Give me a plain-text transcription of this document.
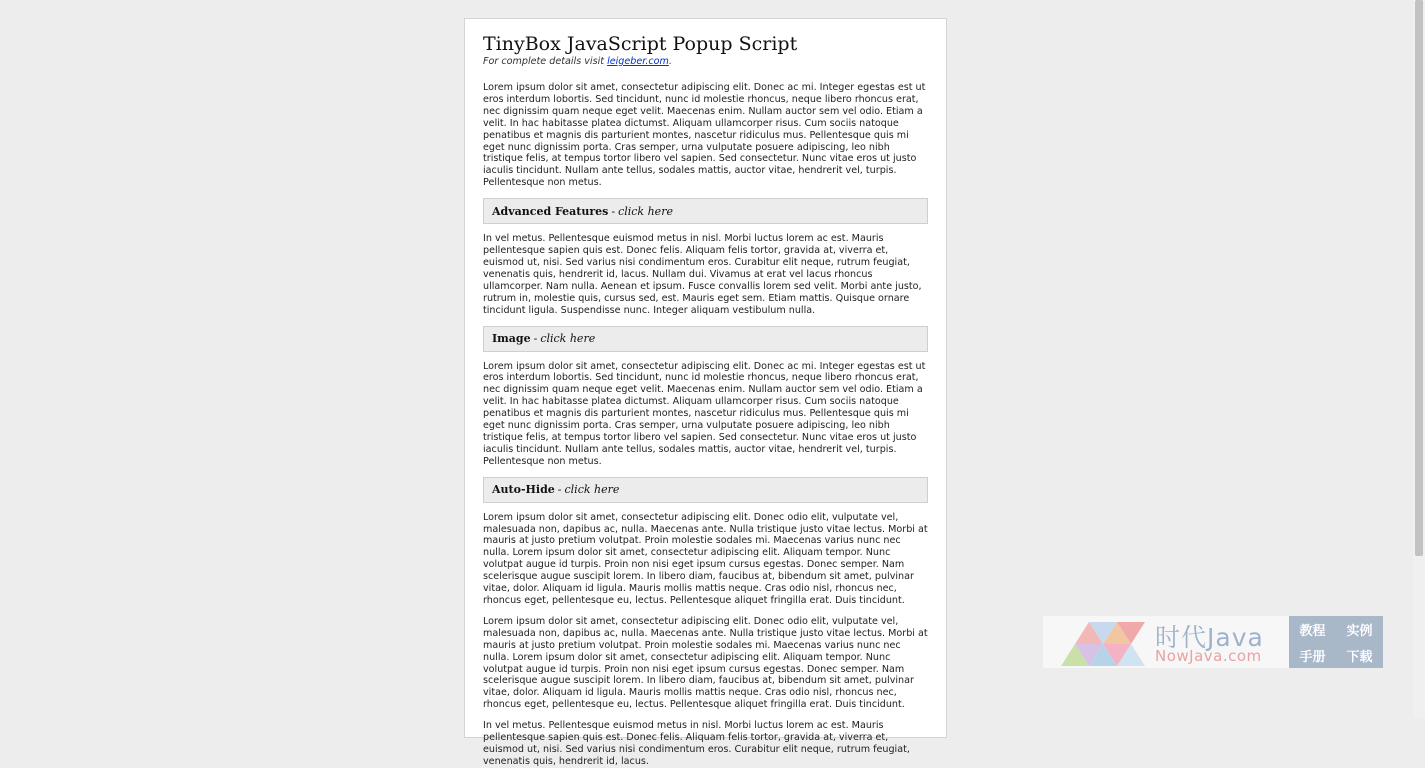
TinyBox JavaScript Popup Script
For complete details visit leigeber.com.

Lorem ipsum dolor sit amet, consectetur adipiscing elit. Donec ac mi. Integer egestas est ut eros interdum lobortis. Sed tincidunt, nunc id molestie rhoncus, neque libero rhoncus erat, nec dignissim quam neque eget velit. Maecenas enim. Nullam auctor sem vel odio. Etiam a velit. In hac habitasse platea dictumst. Aliquam ullamcorper risus. Cum sociis natoque penatibus et magnis dis parturient montes, nascetur ridiculus mus. Pellentesque quis mi eget nunc dignissim porta. Cras semper, urna vulputate posuere adipiscing, leo nibh tristique felis, at tempus tortor libero vel sapien. Sed consectetur. Nunc vitae eros ut justo iaculis tincidunt. Nullam ante tellus, sodales mattis, auctor vitae, hendrerit vel, turpis. Pellentesque non metus.

Advanced Features - click here

In vel metus. Pellentesque euismod metus in nisl. Morbi luctus lorem ac est. Mauris pellentesque sapien quis est. Donec felis. Aliquam felis tortor, gravida at, viverra et, euismod ut, nisi. Sed varius nisi condimentum eros. Curabitur elit neque, rutrum feugiat, venenatis quis, hendrerit id, lacus. Nullam dui. Vivamus at erat vel lacus rhoncus ullamcorper. Nam nulla. Aenean et ipsum. Fusce convallis lorem sed velit. Morbi ante justo, rutrum in, molestie quis, cursus sed, est. Mauris eget sem. Etiam mattis. Quisque ornare tincidunt ligula. Suspendisse nunc. Integer aliquam vestibulum nulla.

Image - click here

Lorem ipsum dolor sit amet, consectetur adipiscing elit. Donec ac mi. Integer egestas est ut eros interdum lobortis. Sed tincidunt, nunc id molestie rhoncus, neque libero rhoncus erat, nec dignissim quam neque eget velit. Maecenas enim. Nullam auctor sem vel odio. Etiam a velit. In hac habitasse platea dictumst. Aliquam ullamcorper risus. Cum sociis natoque penatibus et magnis dis parturient montes, nascetur ridiculus mus. Pellentesque quis mi eget nunc dignissim porta. Cras semper, urna vulputate posuere adipiscing, leo nibh tristique felis, at tempus tortor libero vel sapien. Sed consectetur. Nunc vitae eros ut justo iaculis tincidunt. Nullam ante tellus, sodales mattis, auctor vitae, hendrerit vel, turpis. Pellentesque non metus.

Auto-Hide - click here

Lorem ipsum dolor sit amet, consectetur adipiscing elit. Donec odio elit, vulputate vel, malesuada non, dapibus ac, nulla. Maecenas ante. Nulla tristique justo vitae lectus. Morbi at mauris at justo pretium volutpat. Proin molestie sodales mi. Maecenas varius nunc nec nulla. Lorem ipsum dolor sit amet, consectetur adipiscing elit. Aliquam tempor. Nunc volutpat augue id turpis. Proin non nisi eget ipsum cursus egestas. Donec semper. Nam scelerisque augue suscipit lorem. In libero diam, faucibus at, bibendum sit amet, pulvinar vitae, dolor. Aliquam id ligula. Mauris mollis mattis neque. Cras odio nisl, rhoncus nec, rhoncus eget, pellentesque eu, lectus. Pellentesque aliquet fringilla erat. Duis tincidunt.

Lorem ipsum dolor sit amet, consectetur adipiscing elit. Donec odio elit, vulputate vel, malesuada non, dapibus ac, nulla. Maecenas ante. Nulla tristique justo vitae lectus. Morbi at mauris at justo pretium volutpat. Proin molestie sodales mi. Maecenas varius nunc nec nulla. Lorem ipsum dolor sit amet, consectetur adipiscing elit. Aliquam tempor. Nunc volutpat augue id turpis. Proin non nisi eget ipsum cursus egestas. Donec semper. Nam scelerisque augue suscipit lorem. In libero diam, faucibus at, bibendum sit amet, pulvinar vitae, dolor. Aliquam id ligula. Mauris mollis mattis neque. Cras odio nisl, rhoncus nec, rhoncus eget, pellentesque eu, lectus. Pellentesque aliquet fringilla erat. Duis tincidunt.

In vel metus. Pellentesque euismod metus in nisl. Morbi luctus lorem ac est. Mauris pellentesque sapien quis est. Donec felis. Aliquam felis tortor, gravida at, viverra et, euismod ut, nisi. Sed varius nisi condimentum eros. Curabitur elit neque, rutrum feugiat, venenatis quis, hendrerit id, lacus.

时代Java
NowJava.com
教程 实例
手册 下载
